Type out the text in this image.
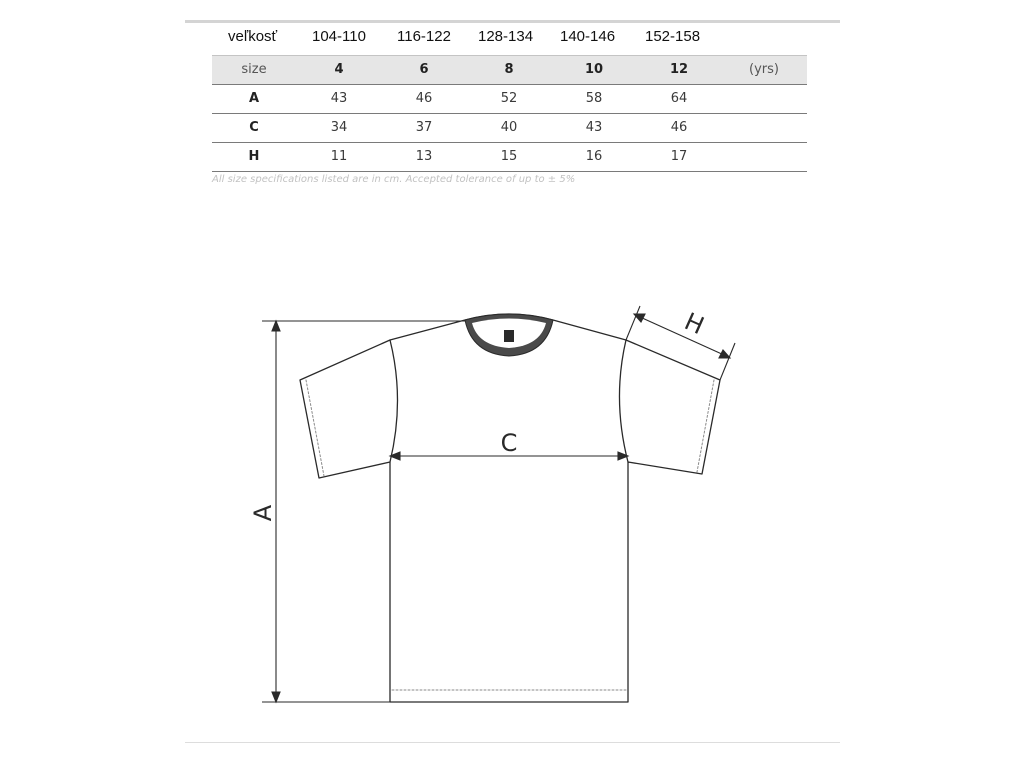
veľkosť 104-110 116-122 128-134 140-146 152-158
size	4	6	8	10	12	(yrs)
A	43	46	52	58	64
C	34	37	40	43	46
H	11	13	15	16	17
All size specifications listed are in cm. Accepted tolerance of up to ± 5%
A
C
H
